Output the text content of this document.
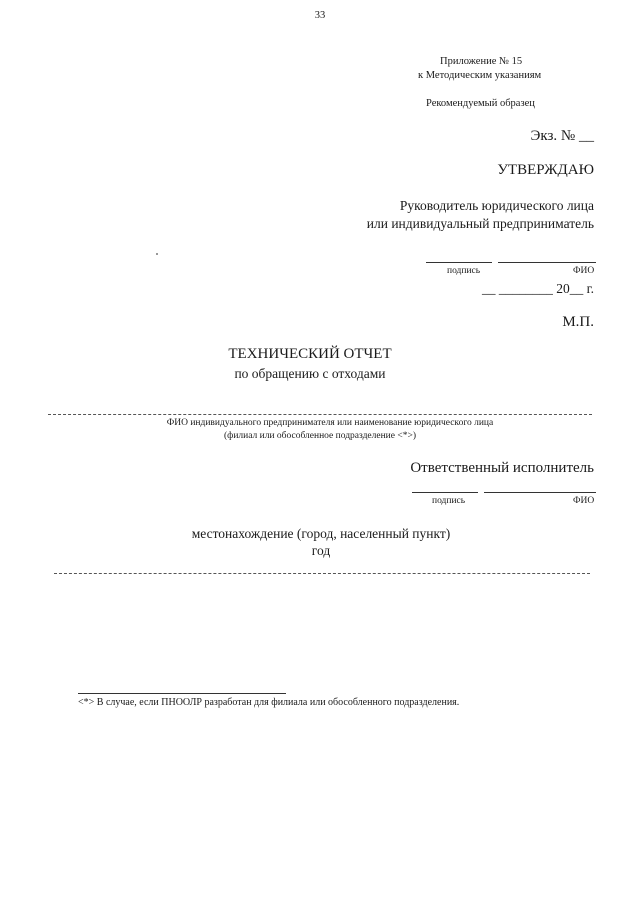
33
Приложение № 15
к Методическим указаниям
Рекомендуемый образец
Экз. № __
УТВЕРЖДАЮ
Руководитель юридического лица
или индивидуальный предприниматель
подпись	ФИО
__ ________ 20__ г.
М.П.
ТЕХНИЧЕСКИЙ ОТЧЕТ
по обращению с отходами
ФИО индивидуального предпринимателя или наименование юридического лица
(филиал или обособленное подразделение <*>)
Ответственный исполнитель
подпись	ФИО
местонахождение (город, населенный пункт)
год
<*> В случае, если ПНООЛР разработан для филиала или обособленного подразделения.
